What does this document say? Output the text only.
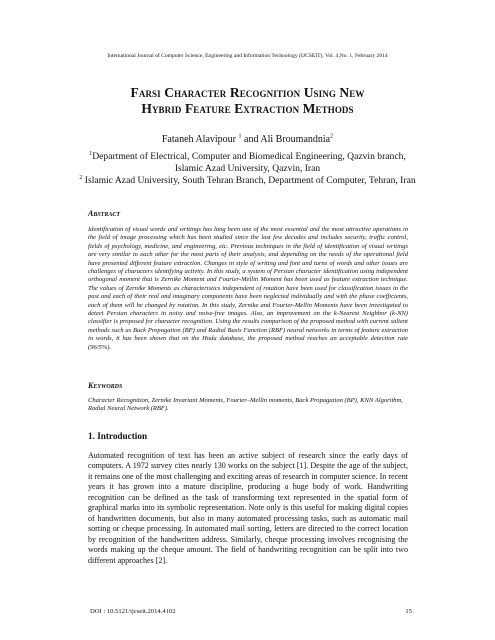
International Journal of Computer Science, Engineering and Information Technology (IJCSEIT), Vol. 4,No. 1, February 2014
Farsi Character Recognition Using New
Hybrid Feature Extraction Methods
Fataneh Alavipour $^1$ and Ali Broumandnia$^2$
$^1$Department of Electrical, Computer and Biomedical Engineering, Qazvin branch,
Islamic Azad University, Qazvin, Iran
$^2$ Islamic Azad University, South Tehran Branch, Department of Computer, Tehran, Iran
Abstract
Identification of visual words and writings has long been one of the most essential and the most attractive operations in the field of image processing which has been studied since the last few decades and includes security, traffic control, fields of psychology, medicine, and engineering, etc. Previous techniques in the field of identification of visual writings are very similar to each other for the most parts of their analysis, and depending on the needs of the operational field have presented different feature extraction. Changes in style of writing and font and turns of words and other issues are challenges of characters identifying activity. In this study, a system of Persian character identification using independent orthogonal moment that is Zernike Moment and Fourier-Mellin Moment has been used as feature extraction technique. The values of Zernike Moments as characteristics independent of rotation have been used for classification issues in the past and each of their real and imaginary components have been neglected individually and with the phase coefficients, each of them will be changed by rotation. In this study, Zernike and Fourier-Mellin Moments have been investigated to detect Persian characters in noisy and noise-free images. Also, an improvement on the k-Nearest Neighbor (k-NN) classifier is proposed for character recognition. Using the results comparison of the proposed method with current salient methods such as Back Propagation (BP) and Radial Basis Function (RBF) neural networks in terms of feature extraction in words, it has been shown that on the Hoda database, the proposed method reaches an acceptable detection rate (96/5%).
Keywords
Character Recognition, Zernike Invariant Moments, Fourier–Mellin moments, Back Propagation (BP), KNN Algorithm, Radial Neural Network (RBF).
1. Introduction
Automated recognition of text has been an active subject of research since the early days of computers. A 1972 survey cites nearly 130 works on the subject [1]. Despite the age of the subject, it remains one of the most challenging and exciting areas of research in computer science. In recent years it has grown into a mature discipline, producing a huge body of work. Handwriting recognition can be defined as the task of transforming text represented in the spatial form of graphical marks into its symbolic representation. Note only is this useful for making digital copies of handwritten documents, but also in many automated processing tasks, such as automatic mail sorting or cheque processing. In automated mail sorting, letters are directed to the correct location by recognition of the handwritten address. Similarly, cheque processing involves recognising the words making up the cheque amount. The field of handwriting recognition can be split into two different approaches [2].
DOI : 10.5121/ijcseit.2014.4102	15
